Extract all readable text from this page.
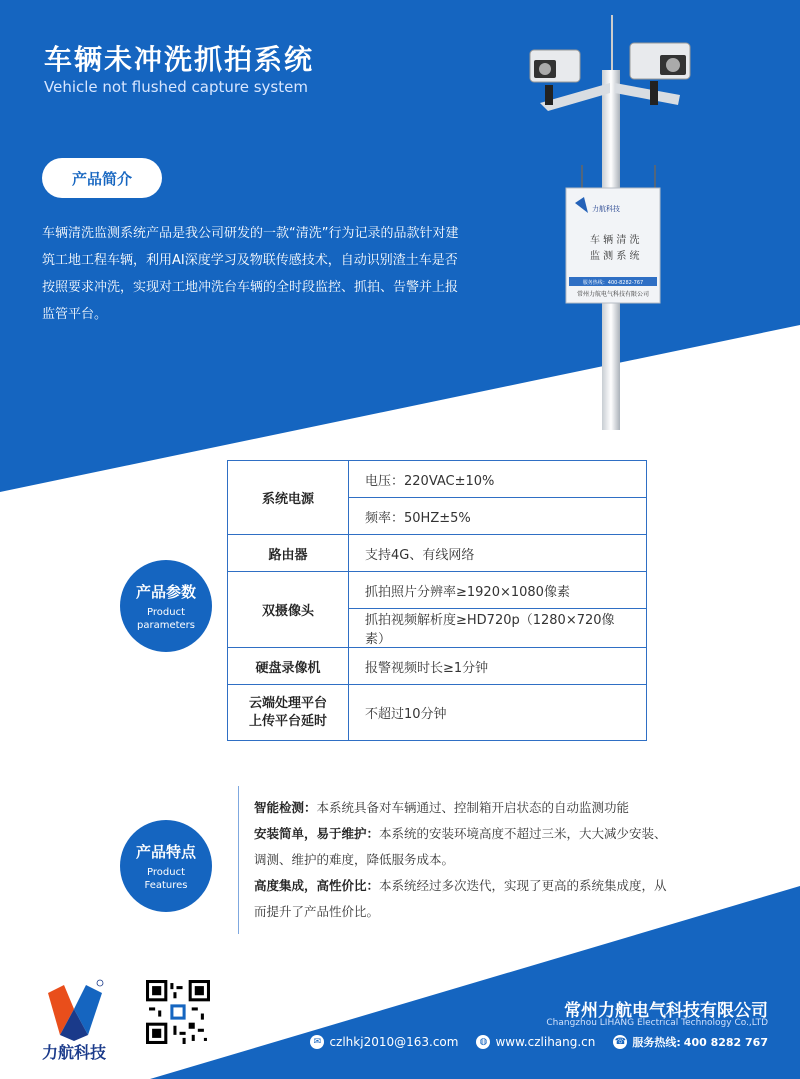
车辆未冲洗抓拍系统
Vehicle not flushed capture system
产品简介
车辆清洗监测系统产品是我公司研发的一款“清洗”行为记录的品款针对建筑工地工程车辆，利用AI深度学习及物联传感技术，自动识别渣土车是否按照要求冲洗，实现对工地冲洗台车辆的全时段监控、抓拍、告警并上报监管平台。
力航科技
车 辆 清 洗
监 测 系 统
服务热线：400-8282-767
常州力航电气科技有限公司
产品参数
Product
parameters
系统电源	电压：220VAC±10%
	频率：50HZ±5%
路由器	支持4G、有线网络
双摄像头	抓拍照片分辨率≥1920×1080像素
	抓拍视频解析度≥HD720p（1280×720像素）
硬盘录像机	报警视频时长≥1分钟

云端处理平台
上传平台延时	不超过10分钟
产品特点
Product
Features

智能检测：本系统具备对车辆通过、控制箱开启状态的自动监测功能

安装简单，易于维护：本系统的安装环境高度不超过三米，大大减少安装、调测、维护的难度，降低服务成本。

高度集成，高性价比：本系统经过多次迭代，实现了更高的系统集成度，从而提升了产品性价比。

力航科技
常州力航电气科技有限公司
Changzhou LIHANG Electrical Technology Co.,LTD
✉ czlhkj2010@163.com	◍ www.czlihang.cn ☎ 服务热线: 400 8282 767
